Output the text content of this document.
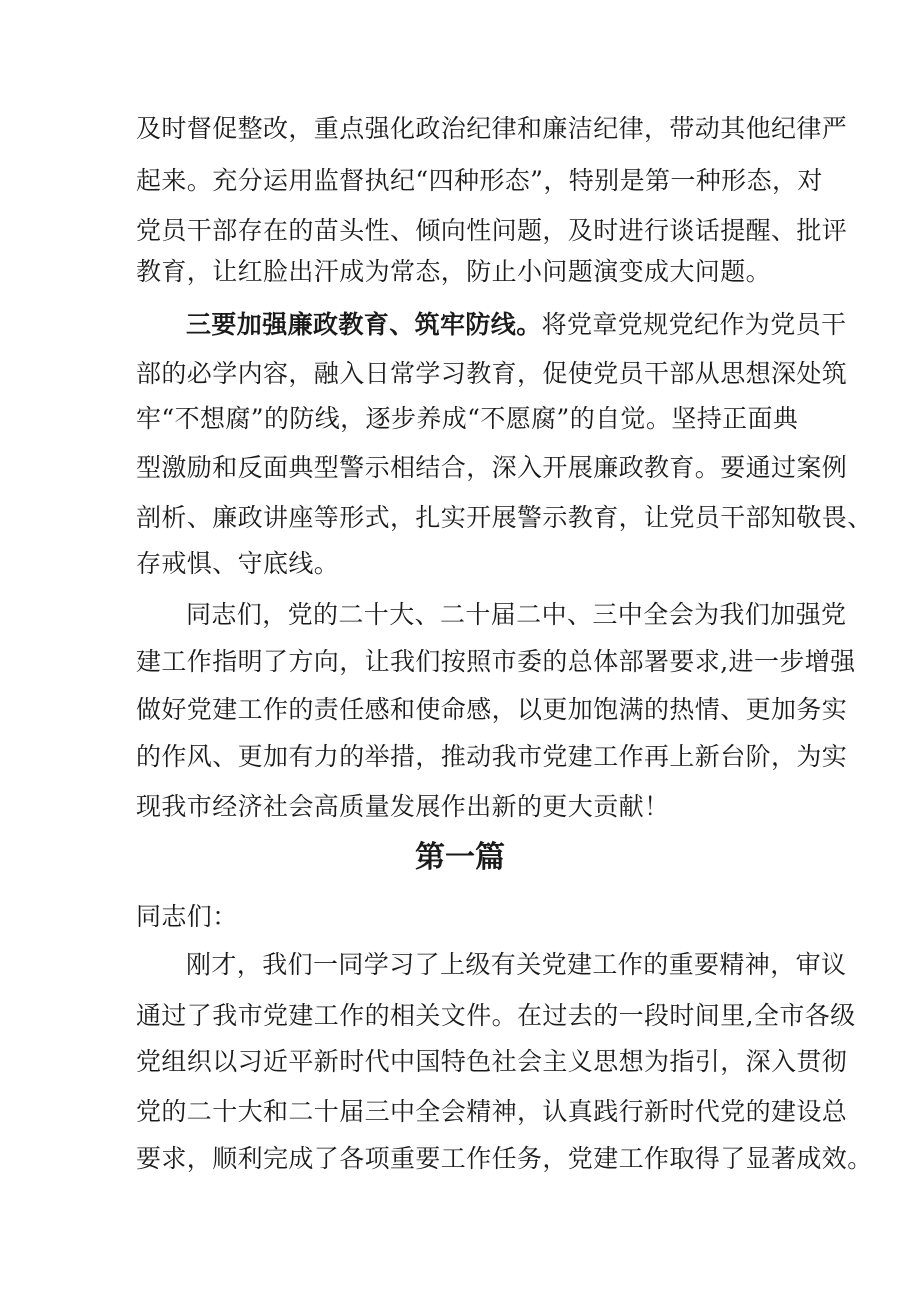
及时督促整改，重点强化政治纪律和廉洁纪律，带动其他纪律严
起来。充分运用监督执纪“四种形态”，特别是第一种形态，对
党员干部存在的苗头性、倾向性问题，及时进行谈话提醒、批评
教育，让红脸出汗成为常态，防止小问题演变成大问题。
三要加强廉政教育、筑牢防线。将党章党规党纪作为党员干
部的必学内容，融入日常学习教育，促使党员干部从思想深处筑
牢“不想腐”的防线，逐步养成“不愿腐”的自觉。坚持正面典
型激励和反面典型警示相结合，深入开展廉政教育。要通过案例
剖析、廉政讲座等形式，扎实开展警示教育，让党员干部知敬畏、
存戒惧、守底线。
同志们，党的二十大、二十届二中、三中全会为我们加强党
建工作指明了方向，让我们按照市委的总体部署要求,进一步增强
做好党建工作的责任感和使命感，以更加饱满的热情、更加务实
的作风、更加有力的举措，推动我市党建工作再上新台阶，为实
现我市经济社会高质量发展作出新的更大贡献！
第一篇
同志们：
刚才，我们一同学习了上级有关党建工作的重要精神，审议
通过了我市党建工作的相关文件。在过去的一段时间里,全市各级
党组织以习近平新时代中国特色社会主义思想为指引，深入贯彻
党的二十大和二十届三中全会精神，认真践行新时代党的建设总
要求，顺利完成了各项重要工作任务，党建工作取得了显著成效。
